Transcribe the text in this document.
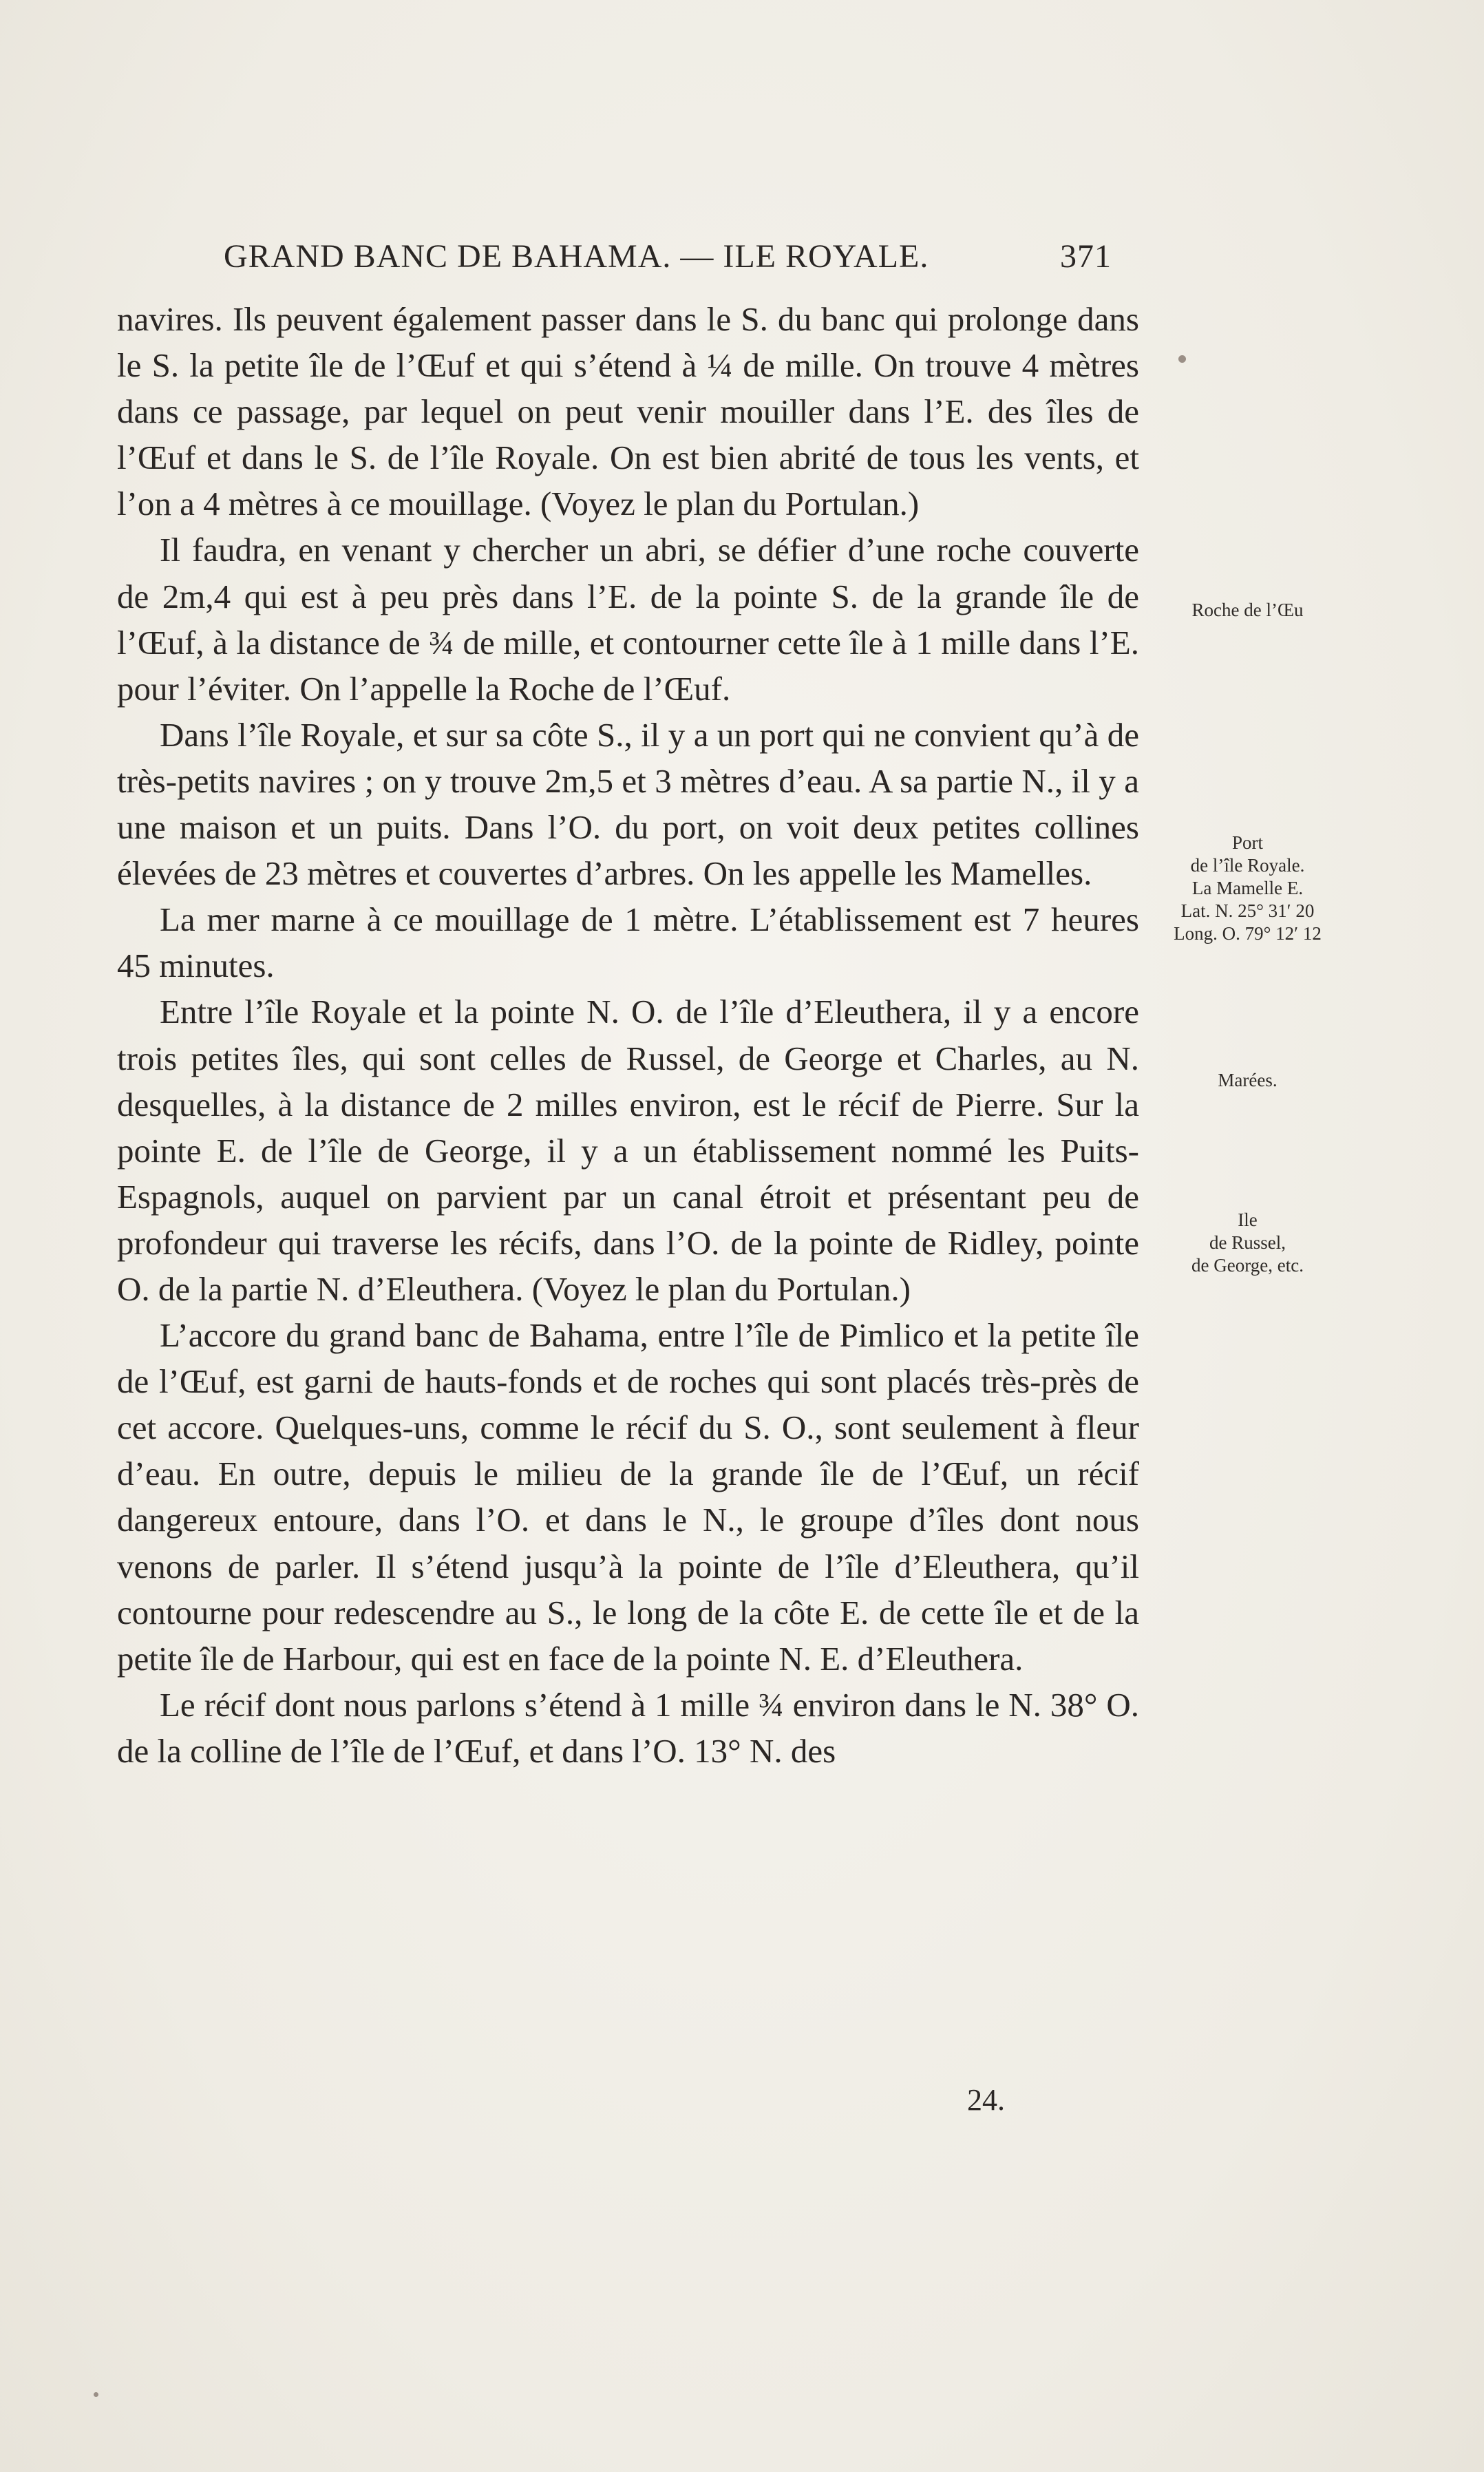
GRAND BANC DE BAHAMA. — ILE ROYALE.	371

navires. Ils peuvent également passer dans le S. du banc qui prolonge dans le S. la petite île de l’Œuf et qui s’étend à ¼ de mille. On trouve 4 mètres dans ce passage, par lequel on peut venir mouiller dans l’E. des îles de l’Œuf et dans le S. de l’île Royale. On est bien abrité de tous les vents, et l’on a 4 mètres à ce mouillage. (Voyez le plan du Portulan.)

Il faudra, en venant y chercher un abri, se défier d’une roche couverte de 2m,4 qui est à peu près dans l’E. de la pointe S. de la grande île de l’Œuf, à la distance de ¾ de mille, et contourner cette île à 1 mille dans l’E. pour l’éviter. On l’appelle la Roche de l’Œuf.

Dans l’île Royale, et sur sa côte S., il y a un port qui ne convient qu’à de très-petits navires ; on y trouve 2m,5 et 3 mètres d’eau. A sa partie N., il y a une maison et un puits. Dans l’O. du port, on voit deux petites collines élevées de 23 mètres et couvertes d’arbres. On les appelle les Mamelles.

La mer marne à ce mouillage de 1 mètre. L’établissement est 7 heures 45 minutes.

Entre l’île Royale et la pointe N. O. de l’île d’Eleuthera, il y a encore trois petites îles, qui sont celles de Russel, de George et Charles, au N. desquelles, à la distance de 2 milles environ, est le récif de Pierre. Sur la pointe E. de l’île de George, il y a un établissement nommé les Puits-Espagnols, auquel on parvient par un canal étroit et présentant peu de profondeur qui traverse les récifs, dans l’O. de la pointe de Ridley, pointe O. de la partie N. d’Eleuthera. (Voyez le plan du Portulan.)

L’accore du grand banc de Bahama, entre l’île de Pimlico et la petite île de l’Œuf, est garni de hauts-fonds et de roches qui sont placés très-près de cet accore. Quelques-uns, comme le récif du S. O., sont seulement à fleur d’eau. En outre, depuis le milieu de la grande île de l’Œuf, un récif dangereux entoure, dans l’O. et dans le N., le groupe d’îles dont nous venons de parler. Il s’étend jusqu’à la pointe de l’île d’Eleuthera, qu’il contourne pour redescendre au S., le long de la côte E. de cette île et de la petite île de Harbour, qui est en face de la pointe N. E. d’Eleuthera.

Le récif dont nous parlons s’étend à 1 mille ¾ environ dans le N. 38° O. de la colline de l’île de l’Œuf, et dans l’O. 13° N. des

Roche de l’Œu
Port
de l’île Royale.
La Mamelle E.
Lat. N. 25° 31′ 20
Long. O. 79° 12′ 12
Marées.
Ile
de Russel,
de George, etc.
24.
